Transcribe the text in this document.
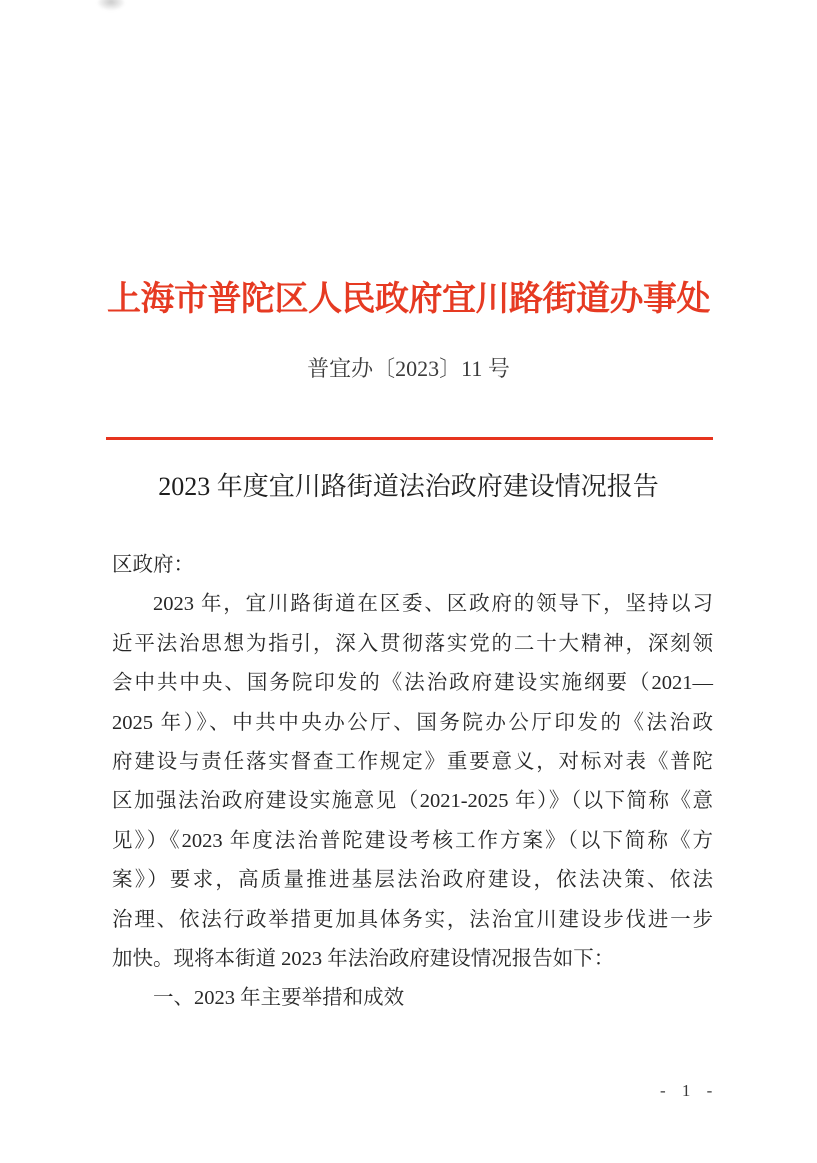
上海市普陀区人民政府宜川路街道办事处
普宜办〔2023〕11 号
2023 年度宜川路街道法治政府建设情况报告
区政府：
2023 年，宜川路街道在区委、区政府的领导下，坚持以习
近平法治思想为指引，深入贯彻落实党的二十大精神，深刻领
会中共中央、国务院印发的《法治政府建设实施纲要（2021—
2025 年）》、中共中央办公厅、国务院办公厅印发的《法治政
府建设与责任落实督查工作规定》重要意义，对标对表《普陀
区加强法治政府建设实施意见（2021-2025 年）》（以下简称《意
见》）《2023 年度法治普陀建设考核工作方案》（以下简称《方
案》）要求，高质量推进基层法治政府建设，依法决策、依法
治理、依法行政举措更加具体务实，法治宜川建设步伐进一步
加快。现将本街道 2023 年法治政府建设情况报告如下：
一、2023 年主要举措和成效
- 1 -
